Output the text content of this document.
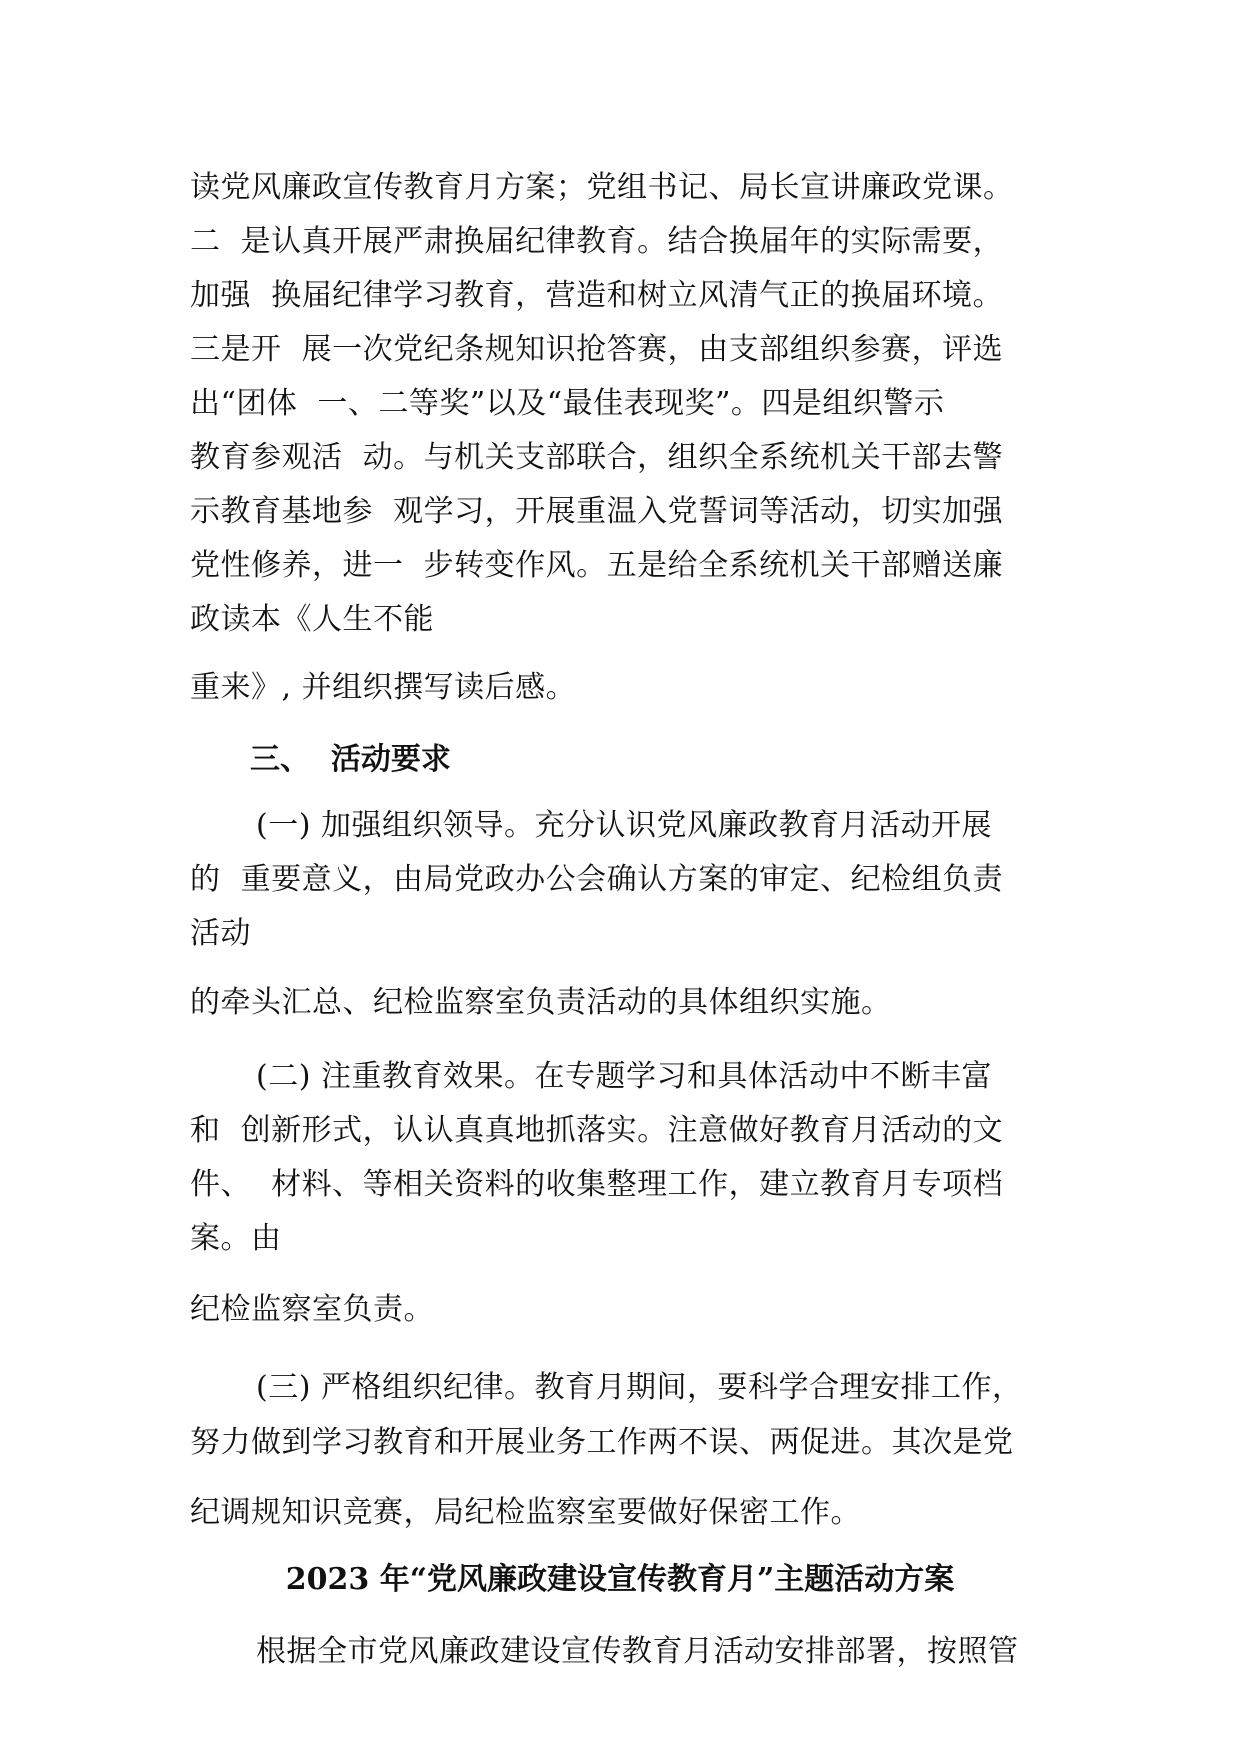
读党风廉政宣传教育月方案；党组书记、局长宣讲廉政党课。
二  是认真开展严肃换届纪律教育。结合换届年的实际需要，
加强  换届纪律学习教育，营造和树立风清气正的换届环境。
三是开  展一次党纪条规知识抢答赛，由支部组织参赛，评选
出“团体  一、二等奖”以及“最佳表现奖”。四是组织警示
教育参观活  动。与机关支部联合，组织全系统机关干部去警
示教育基地参  观学习，开展重温入党誓词等活动，切实加强
党性修养，进一  步转变作风。五是给全系统机关干部赠送廉
政读本《人生不能
重来》, 并组织撰写读后感。
三、  活动要求
(一) 加强组织领导。充分认识党风廉政教育月活动开展
的  重要意义，由局党政办公会确认方案的审定、纪检组负责
活动
的牵头汇总、纪检监察室负责活动的具体组织实施。
(二) 注重教育效果。在专题学习和具体活动中不断丰富
和  创新形式，认认真真地抓落实。注意做好教育月活动的文
件、  材料、等相关资料的收集整理工作，建立教育月专项档
案。由
纪检监察室负责。
(三) 严格组织纪律。教育月期间，要科学合理安排工作，
努力做到学习教育和开展业务工作两不误、两促进。其次是党
纪调规知识竞赛，局纪检监察室要做好保密工作。
2023 年“党风廉政建设宣传教育月”主题活动方案
根据全市党风廉政建设宣传教育月活动安排部署，按照管
